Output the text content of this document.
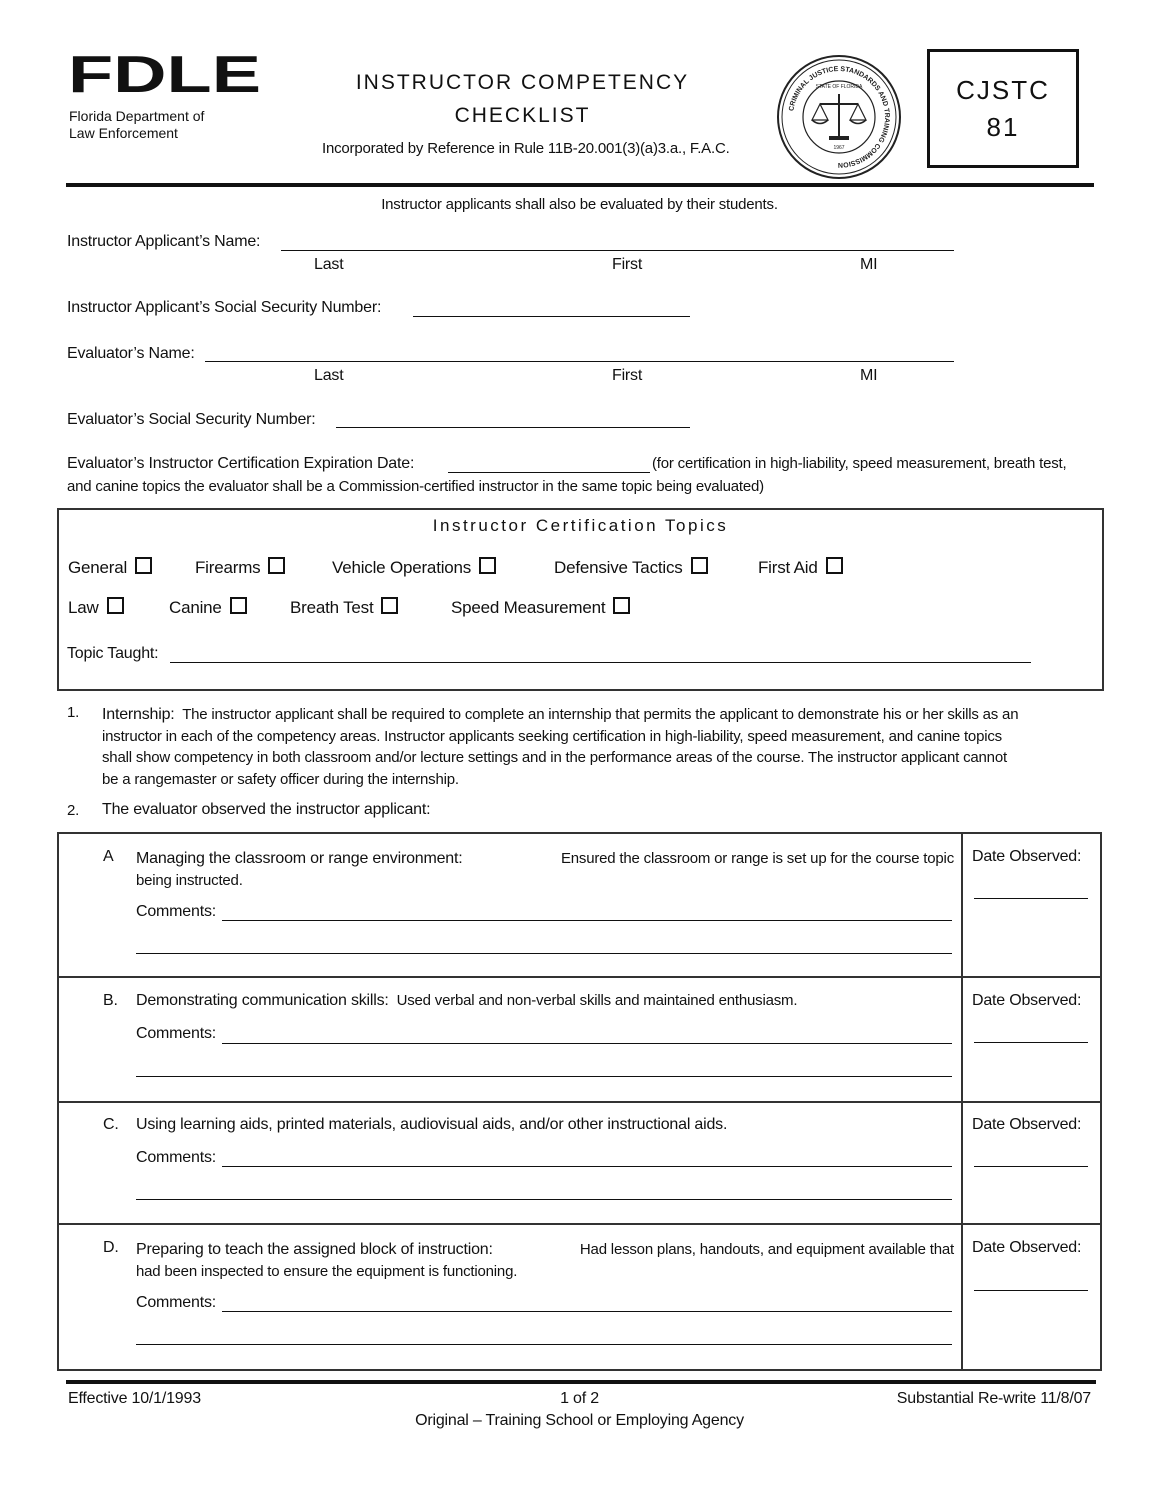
FDLE
Florida Department of
Law Enforcement
INSTRUCTOR COMPETENCY
CHECKLIST
Incorporated by Reference in Rule 11B-20.001(3)(a)3.a., F.A.C.
CRIMINAL JUSTICE STANDARDS AND TRAINING COMMISSION
STATE OF FLORIDA
1967
CJSTC
81
Instructor applicants shall also be evaluated by their students.
Instructor Applicant’s Name:
Last	First	MI
Instructor Applicant’s Social Security Number:
Evaluator’s Name:
Last	First	MI
Evaluator’s Social Security Number:
Evaluator’s Instructor Certification Expiration Date:	(for certification in high-liability, speed measurement, breath test,
and canine topics the evaluator shall be a Commission-certified instructor in the same topic being evaluated)
Instructor Certification Topics
General	Firearms	Vehicle Operations	Defensive Tactics	First Aid
Law	Canine	Breath Test	Speed Measurement
Topic Taught:
1. Internship: The instructor applicant shall be required to complete an internship that permits the applicant to demonstrate his or her skills as an
instructor in each of the competency areas. Instructor applicants seeking certification in high-liability, speed measurement, and canine topics
shall show competency in both classroom and/or lecture settings and in the performance areas of the course. The instructor applicant cannot
be a rangemaster or safety officer during the internship.
2. The evaluator observed the instructor applicant:
A Managing the classroom or range environment:	Ensured the classroom or range is set up for the course topic
being instructed.
Comments:
Date Observed:
B. Demonstrating communication skills: Used verbal and non-verbal skills and maintained enthusiasm.
Comments:
Date Observed:
C. Using learning aids, printed materials, audiovisual aids, and/or other instructional aids.
Comments:
Date Observed:
D. Preparing to teach the assigned block of instruction:	Had lesson plans, handouts, and equipment available that
had been inspected to ensure the equipment is functioning.
Comments:
Date Observed:
Effective 10/1/1993	1 of 2	Substantial Re-write 11/8/07
Original – Training School or Employing Agency
